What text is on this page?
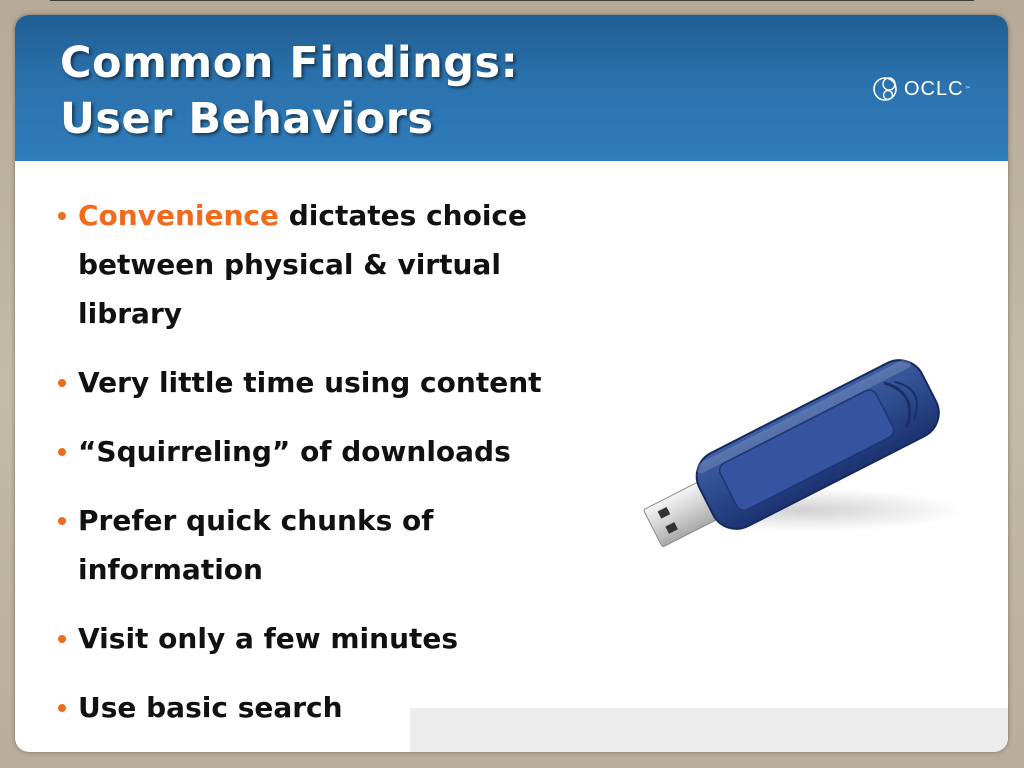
Common Findings:
User Behaviors
OCLC ™
Convenience dictates choice between physical & virtual library
Very little time using content
“Squirreling” of downloads
Prefer quick chunks of information
Visit only a few minutes
Use basic search
